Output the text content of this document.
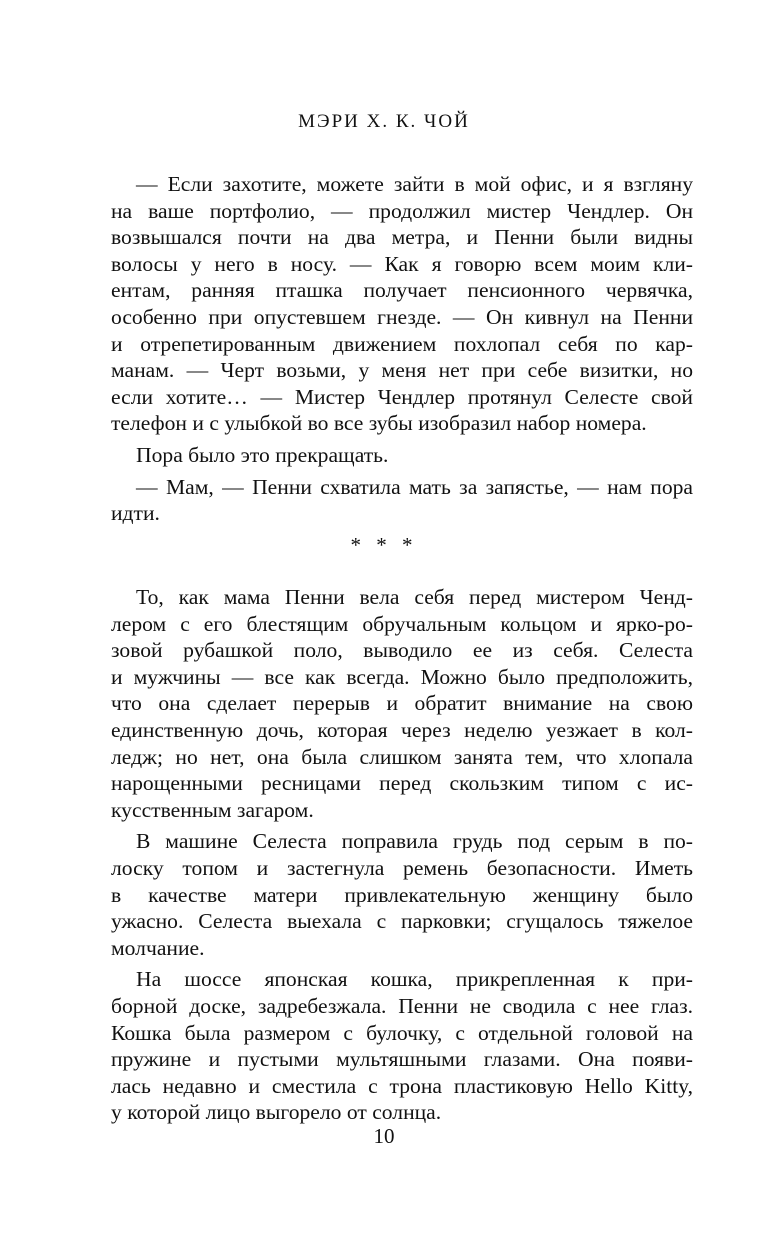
МЭРИ Х. К. ЧОЙ
— Если захотите, можете зайти в мой офис, и я взгляну
на ваше портфолио, — продолжил мистер Чендлер. Он
возвышался почти на два метра, и Пенни были видны
волосы у него в носу. — Как я говорю всем моим кли-
ентам, ранняя пташка получает пенсионного червячка,
особенно при опустевшем гнезде. — Он кивнул на Пенни
и отрепетированным движением похлопал себя по кар-
манам. — Черт возьми, у меня нет при себе визитки, но
если хотите… — Мистер Чендлер протянул Селесте свой
телефон и с улыбкой во все зубы изобразил набор номера.
Пора было это прекращать.
— Мам, — Пенни схватила мать за запястье, — нам пора
идти.
* * *
То, как мама Пенни вела себя перед мистером Ченд-
лером с его блестящим обручальным кольцом и ярко-ро-
зовой рубашкой поло, выводило ее из себя. Селеста
и мужчины — все как всегда. Можно было предположить,
что она сделает перерыв и обратит внимание на свою
единственную дочь, которая через неделю уезжает в кол-
ледж; но нет, она была слишком занята тем, что хлопала
нарощенными ресницами перед скользким типом с ис-
кусственным загаром.
В машине Селеста поправила грудь под серым в по-
лоску топом и застегнула ремень безопасности. Иметь
в качестве матери привлекательную женщину было
ужасно. Селеста выехала с парковки; сгущалось тяжелое
молчание.
На шоссе японская кошка, прикрепленная к при-
борной доске, задребезжала. Пенни не сводила с нее глаз.
Кошка была размером с булочку, с отдельной головой на
пружине и пустыми мультяшными глазами. Она появи-
лась недавно и сместила с трона пластиковую Hello Kitty,
у которой лицо выгорело от солнца.
10
